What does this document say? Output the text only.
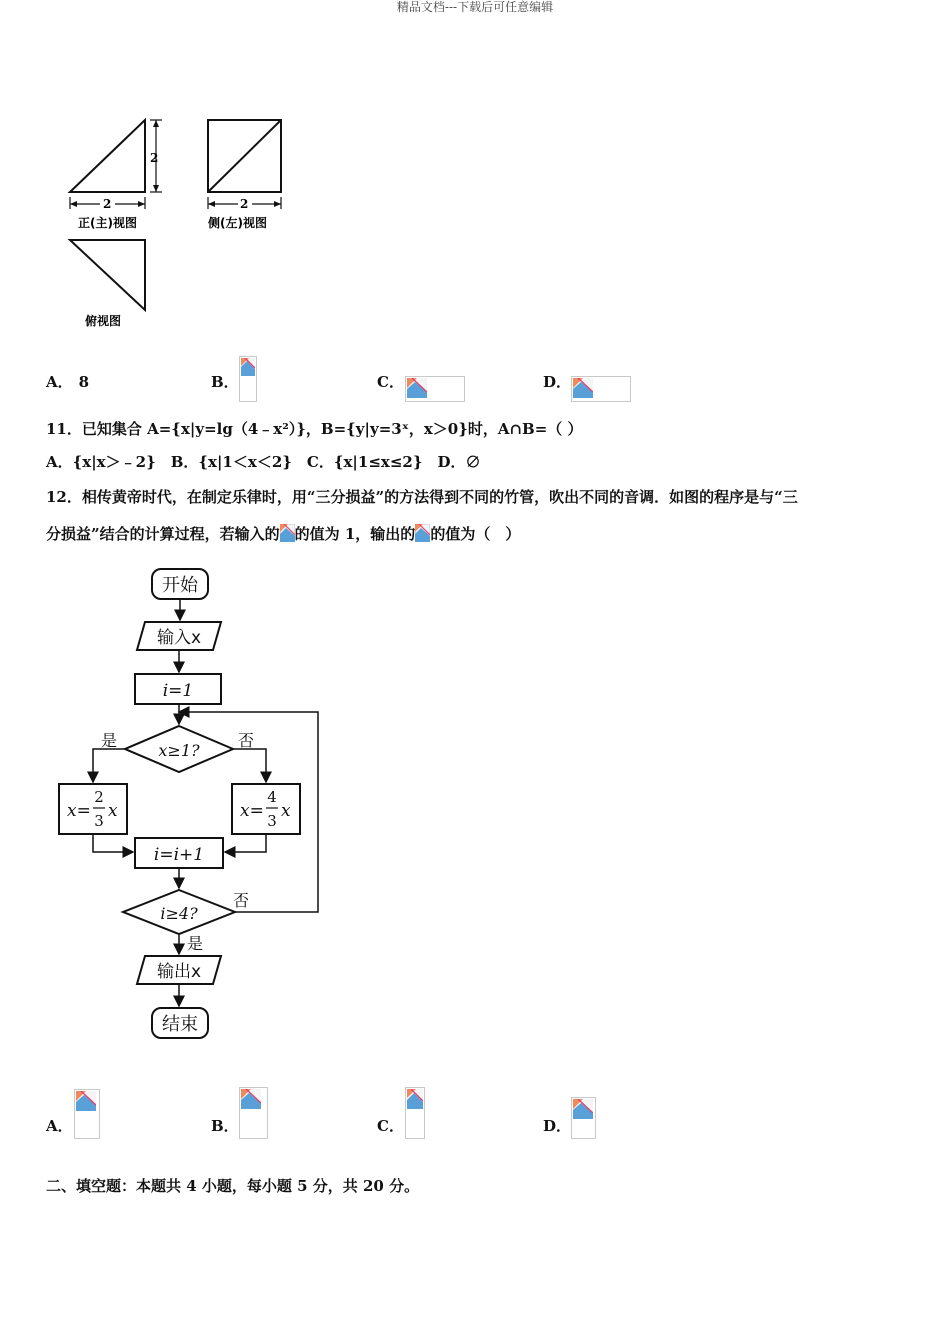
精品文档---下载后可任意编辑
2
2
正(主)视图
2
侧(左)视图
俯视图
A． 8	B．	C．	D．
11．已知集合 A={x|y=lg（4﹣x²）}，B={y|y=3ˣ，x＞0}时，A∩B=（ ）
A．{x|x＞﹣2}　B．{x|1＜x＜2}　C．{x|1≤x≤2}　D．∅
12．相传黄帝时代，在制定乐律时，用“三分损益”的方法得到不同的竹管，吹出不同的音调．如图的程序是与“三
分损益”结合的计算过程，若输入的 的值为 1，输出的 的值为（　）
开始
输入x
i=1
x≥1?
是	否
x=
2
3 x	x=
4
3 x
i=i+1
i≥4?
否
是
输出x
结束
A．	B．	C．	D．
二、填空题：本题共 4 小题，每小题 5 分，共 20 分。
